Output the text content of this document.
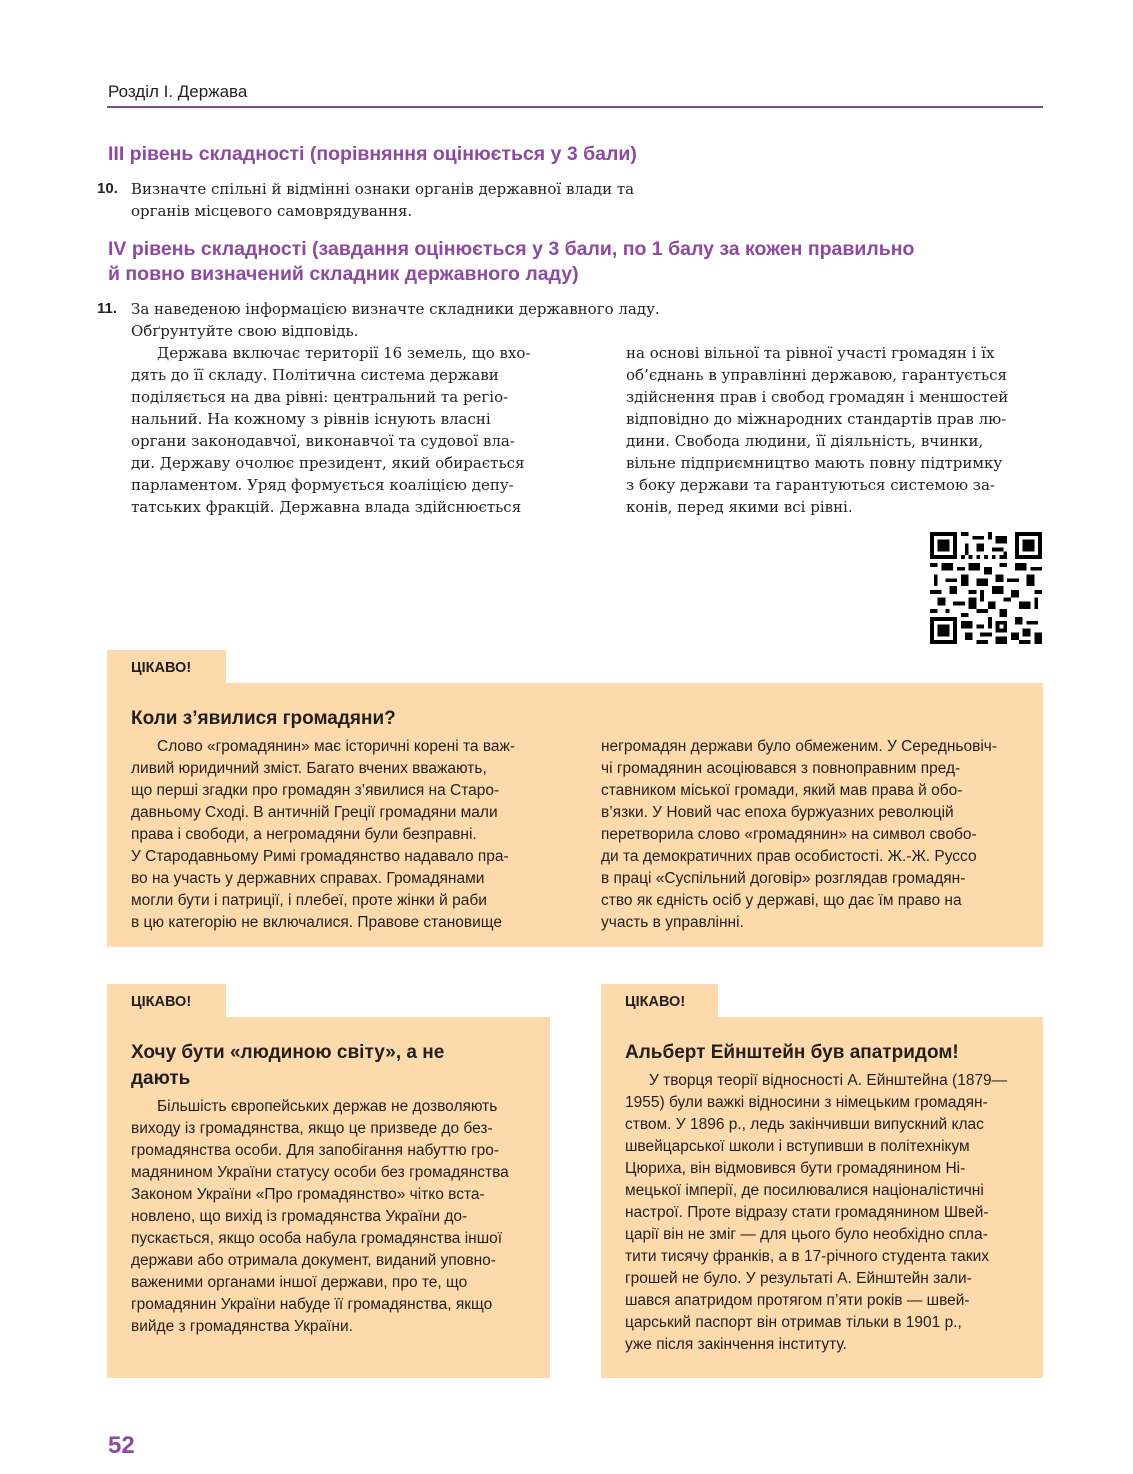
Розділ І. Держава
III рівень складності (порівняння оцінюється у 3 бали)
10. Визначте спільні й відмінні ознаки органів державної влади та
органів місцевого самоврядування.
IV рівень складності (завдання оцінюється у 3 бали, по 1 балу за кожен правильно
й повно визначений складник державного ладу)
11. За наведеною інформацією визначте складники державного ладу.
Обґрунтуйте свою відповідь.
Держава включає території 16 земель, що вхо-
дять до її складу. Політична система держави
поділяється на два рівні: центральний та регіо-
нальний. На кожному з рівнів існують власні
органи законодавчої, виконавчої та судової вла-
ди. Державу очолює президент, який обирається
парламентом. Уряд формується коаліцією депу-
татських фракцій. Державна влада здійснюється
на основі вільної та рівної участі громадян і їх
об’єднань в управлінні державою, гарантується
здійснення прав і свобод громадян і меншостей
відповідно до міжнародних стандартів прав лю-
дини. Свобода людини, її діяльність, вчинки,
вільне підприємництво мають повну підтримку
з боку держави та гарантуються системою за-
конів, перед якими всі рівні.
ЦІКАВО!
Коли з’явилися громадяни?
Слово «громадянин» має історичні корені та важ-
ливий юридичний зміст. Багато вчених вважають,
що перші згадки про громадян з’явилися на Старо-
давньому Сході. В античній Греції громадяни мали
права і свободи, а негромадяни були безправні.
У Стародавньому Римі громадянство надавало пра-
во на участь у державних справах. Громадянами
могли бути і патриції, і плебеї, проте жінки й раби
в цю категорію не включалися. Правове становище
негромадян держави було обмеженим. У Середньовіч-
чі громадянин асоціювався з повноправним пред-
ставником міської громади, який мав права й обо-
в’язки. У Новий час епоха буржуазних революцій
перетворила слово «громадянин» на символ свобо-
ди та демократичних прав особистості. Ж.-Ж. Руссо
в праці «Суспільний договір» розглядав громадян-
ство як єдність осіб у державі, що дає їм право на
участь в управлінні.
ЦІКАВО!
Хочу бути «людиною світу», а не
дають
Більшість європейських держав не дозволяють
виходу із громадянства, якщо це призведе до без-
громадянства особи. Для запобігання набуттю гро-
мадянином України статусу особи без громадянства
Законом України «Про громадянство» чітко вста-
новлено, що вихід із громадянства України до-
пускається, якщо особа набула громадянства іншої
держави або отримала документ, виданий уповно-
важеними органами іншої держави, про те, що
громадянин України набуде її громадянства, якщо
вийде з громадянства України.
ЦІКАВО!
Альберт Ейнштейн був апатридом!
У творця теорії відносності А. Ейнштейна (1879—
1955) були важкі відносини з німецьким громадян-
ством. У 1896 р., ледь закінчивши випускний клас
швейцарської школи і вступивши в політехнікум
Цюриха, він відмовився бути громадянином Ні-
мецької імперії, де посилювалися націоналістичні
настрої. Проте відразу стати громадянином Швей-
царії він не зміг — для цього було необхідно спла-
тити тисячу франків, а в 17-річного студента таких
грошей не було. У результаті А. Ейнштейн зали-
шався апатридом протягом п’яти років — швей-
царський паспорт він отримав тільки в 1901 р.,
уже після закінчення інституту.
52
